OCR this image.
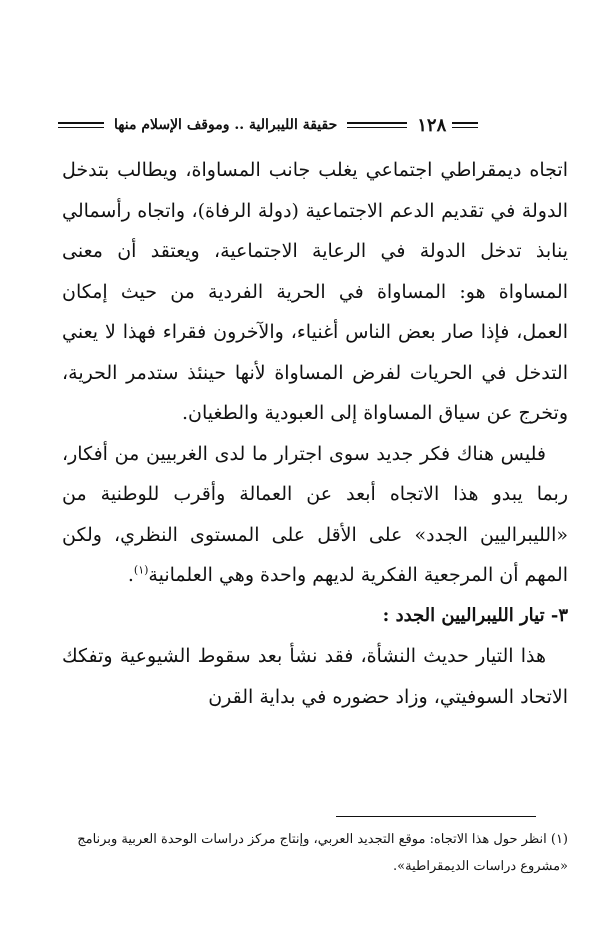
حقيقة الليبرالية .. وموقف الإسلام منها	١٢٨

اتجاه ديمقراطي اجتماعي يغلب جانب المساواة، ويطالب بتدخل الدولة في تقديم الدعم الاجتماعية (دولة الرفاة)، واتجاه رأسمالي ينابذ تدخل الدولة في الرعاية الاجتماعية، ويعتقد أن معنى المساواة هو: المساواة في الحرية الفردية من حيث إمكان العمل، فإذا صار بعض الناس أغنياء، والآخرون فقراء فهذا لا يعني التدخل في الحريات لفرض المساواة لأنها حينئذ ستدمر الحرية، وتخرج عن سياق المساواة إلى العبودية والطغيان.

فليس هناك فكر جديد سوى اجترار ما لدى الغربيين من أفكار، ربما يبدو هذا الاتجاه أبعد عن العمالة وأقرب للوطنية من «الليبراليين الجدد» على الأقل على المستوى النظري، ولكن المهم أن المرجعية الفكرية لديهم واحدة وهي العلمانية$^{(١)}$.

٣- تيار الليبراليين الجدد :

هذا التيار حديث النشأة، فقد نشأ بعد سقوط الشيوعية وتفكك الاتحاد السوفيتي، وزاد حضوره في بداية القرن

(١) انظر حول هذا الاتجاه: موقع التجديد العربي، وإنتاج مركز دراسات الوحدة العربية وبرنامج «مشروع دراسات الديمقراطية».
